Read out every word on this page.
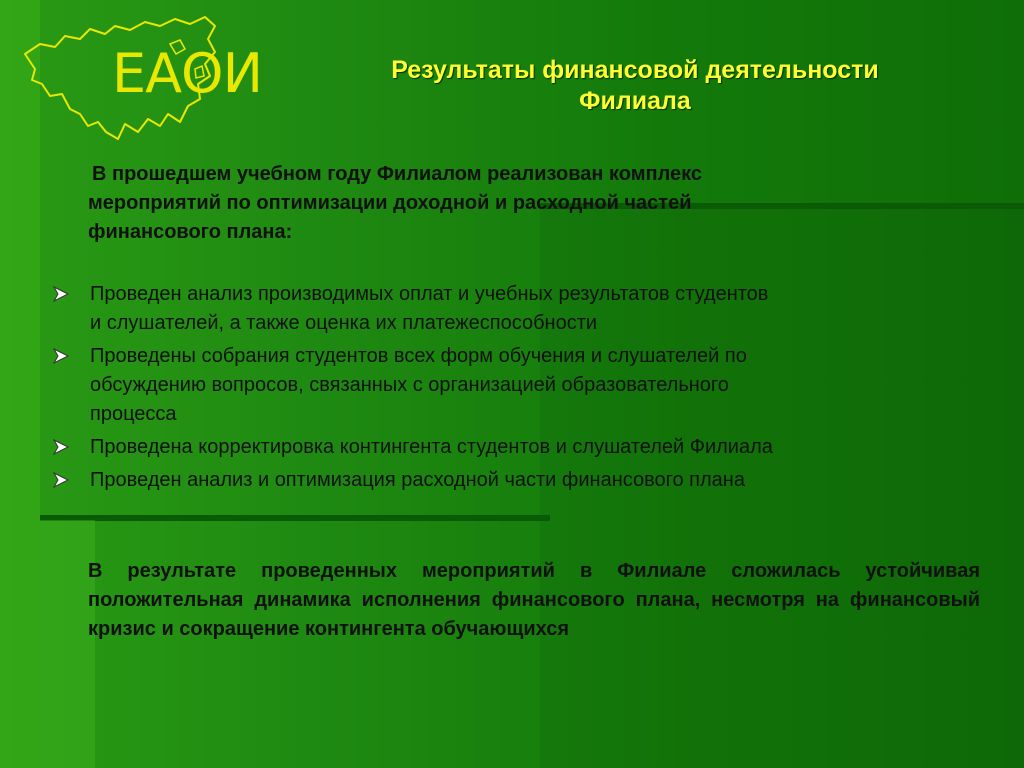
ЕАОИ	Результаты финансовой деятельности
Филиала
В прошедшем учебном году Филиалом реализован комплекс
мероприятий по оптимизации доходной и расходной частей
финансового плана:
Проведен анализ производимых оплат и учебных результатов студентов
и слушателей, а также оценка их платежеспособности
Проведены собрания студентов всех форм обучения и слушателей по
обсуждению вопросов, связанных с организацией образовательного
процесса
Проведена корректировка контингента студентов и слушателей Филиала
Проведен анализ и оптимизация расходной части финансового плана
В результате проведенных мероприятий в Филиале сложилась устойчивая положительная динамика исполнения финансового плана, несмотря на финансовый кризис и сокращение контингента обучающихся
